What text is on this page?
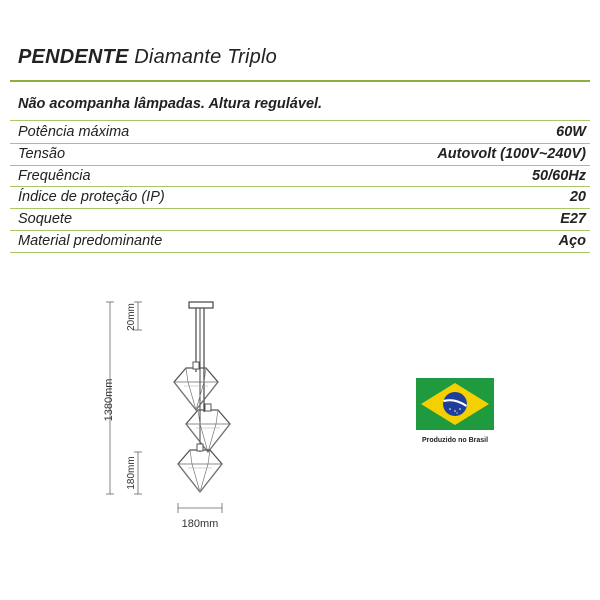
PENDENTE Diamante Triplo
Não acompanha lâmpadas. Altura regulável.
Potência máxima	60W
Tensão	Autovolt (100V~240V)
Frequência	50/60Hz
Índice de proteção (IP)	20
Soquete	E27
Material predominante	Aço
1380mm
20mm
180mm
180mm
Produzido no Brasil
